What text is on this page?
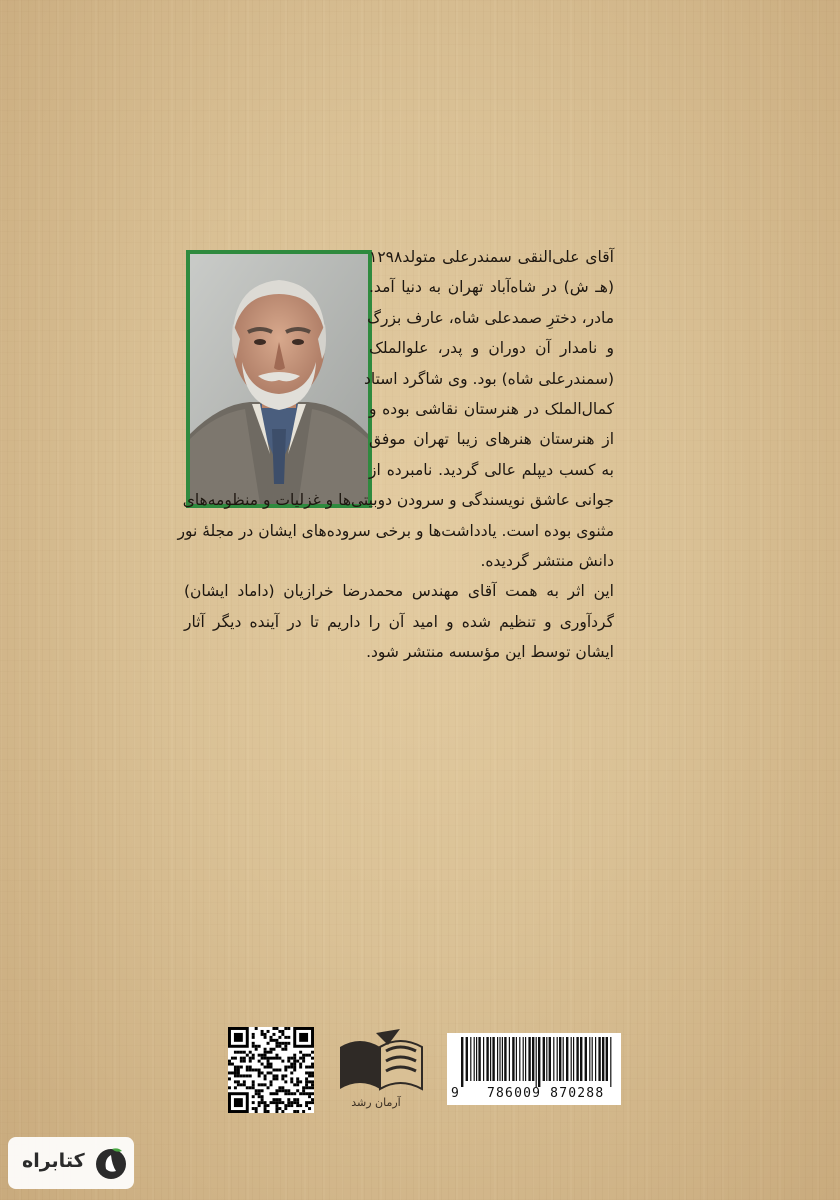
آقای علی‌النقی سمندرعلی متولد۱۲۹۸
(هـ ش) در شاه‌آباد تهران به دنیا آمد.
مادر، دخترِ صمدعلی شاه، عارف بزرگ
و نامدار آن دوران و پدر، علوالملک
(سمندرعلی شاه) بود. وی شاگرد استاد
کمال‌الملک در هنرستان نقاشی بوده و
از هنرستان هنرهای زیبا تهران موفق
به کسب دیپلم عالی گردید. نامبرده از
جوانی عاشق نویسندگی و سرودن دوبیتی‌ها و غزلیات و منظومه‌های
مثنوی بوده است. یادداشت‌ها و برخی سروده‌های ایشان در مجلهٔ نور
دانش منتشر گردیده.
این اثر به همت آقای مهندس محمدرضا خرازیان (داماد ایشان)
گردآوری و تنظیم شده و امید آن را داریم تا در آینده دیگر آثار
ایشان توسط این مؤسسه منتشر شود.
آرمان رشد
9 786009 870288
کتابراه
